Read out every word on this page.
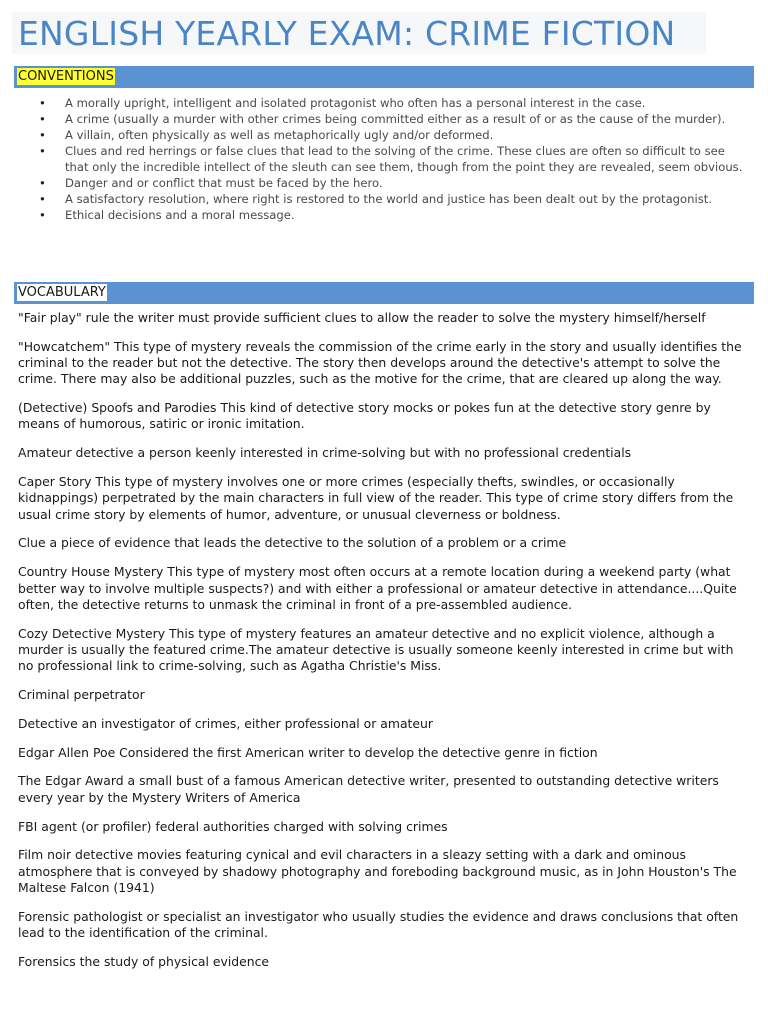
ENGLISH YEARLY EXAM: CRIME FICTION
CONVENTIONS
• A morally upright, intelligent and isolated protagonist who often has a personal interest in the case.
• A crime (usually a murder with other crimes being committed either as a result of or as the cause of the murder).
• A villain, often physically as well as metaphorically ugly and/or deformed.
• Clues and red herrings or false clues that lead to the solving of the crime. These clues are often so difficult to see that only the incredible intellect of the sleuth can see them, though from the point they are revealed, seem obvious.
• Danger and or conflict that must be faced by the hero.
• A satisfactory resolution, where right is restored to the world and justice has been dealt out by the protagonist.
• Ethical decisions and a moral message.
VOCABULARY

"Fair play" rule the writer must provide sufficient clues to allow the reader to solve the mystery himself/herself

"Howcatchem" This type of mystery reveals the commission of the crime early in the story and usually identifies the criminal to the reader but not the detective. The story then develops around the detective's attempt to solve the crime. There may also be additional puzzles, such as the motive for the crime, that are cleared up along the way.

(Detective) Spoofs and Parodies This kind of detective story mocks or pokes fun at the detective story genre by means of humorous, satiric or ironic imitation.

Amateur detective a person keenly interested in crime-solving but with no professional credentials

Caper Story This type of mystery involves one or more crimes (especially thefts, swindles, or occasionally kidnappings) perpetrated by the main characters in full view of the reader. This type of crime story differs from the usual crime story by elements of humor, adventure, or unusual cleverness or boldness.

Clue a piece of evidence that leads the detective to the solution of a problem or a crime

Country House Mystery This type of mystery most often occurs at a remote location during a weekend party (what better way to involve multiple suspects?) and with either a professional or amateur detective in attendance....Quite often, the detective returns to unmask the criminal in front of a pre-assembled audience.

Cozy Detective Mystery This type of mystery features an amateur detective and no explicit violence, although a murder is usually the featured crime.The amateur detective is usually someone keenly interested in crime but with no professional link to crime-solving, such as Agatha Christie's Miss.

Criminal perpetrator

Detective an investigator of crimes, either professional or amateur

Edgar Allen Poe Considered the first American writer to develop the detective genre in fiction

The Edgar Award a small bust of a famous American detective writer, presented to outstanding detective writers every year by the Mystery Writers of America

FBI agent (or profiler) federal authorities charged with solving crimes

Film noir detective movies featuring cynical and evil characters in a sleazy setting with a dark and ominous atmosphere that is conveyed by shadowy photography and foreboding background music, as in John Houston's The Maltese Falcon (1941)

Forensic pathologist or specialist an investigator who usually studies the evidence and draws conclusions that often lead to the identification of the criminal.

Forensics the study of physical evidence
